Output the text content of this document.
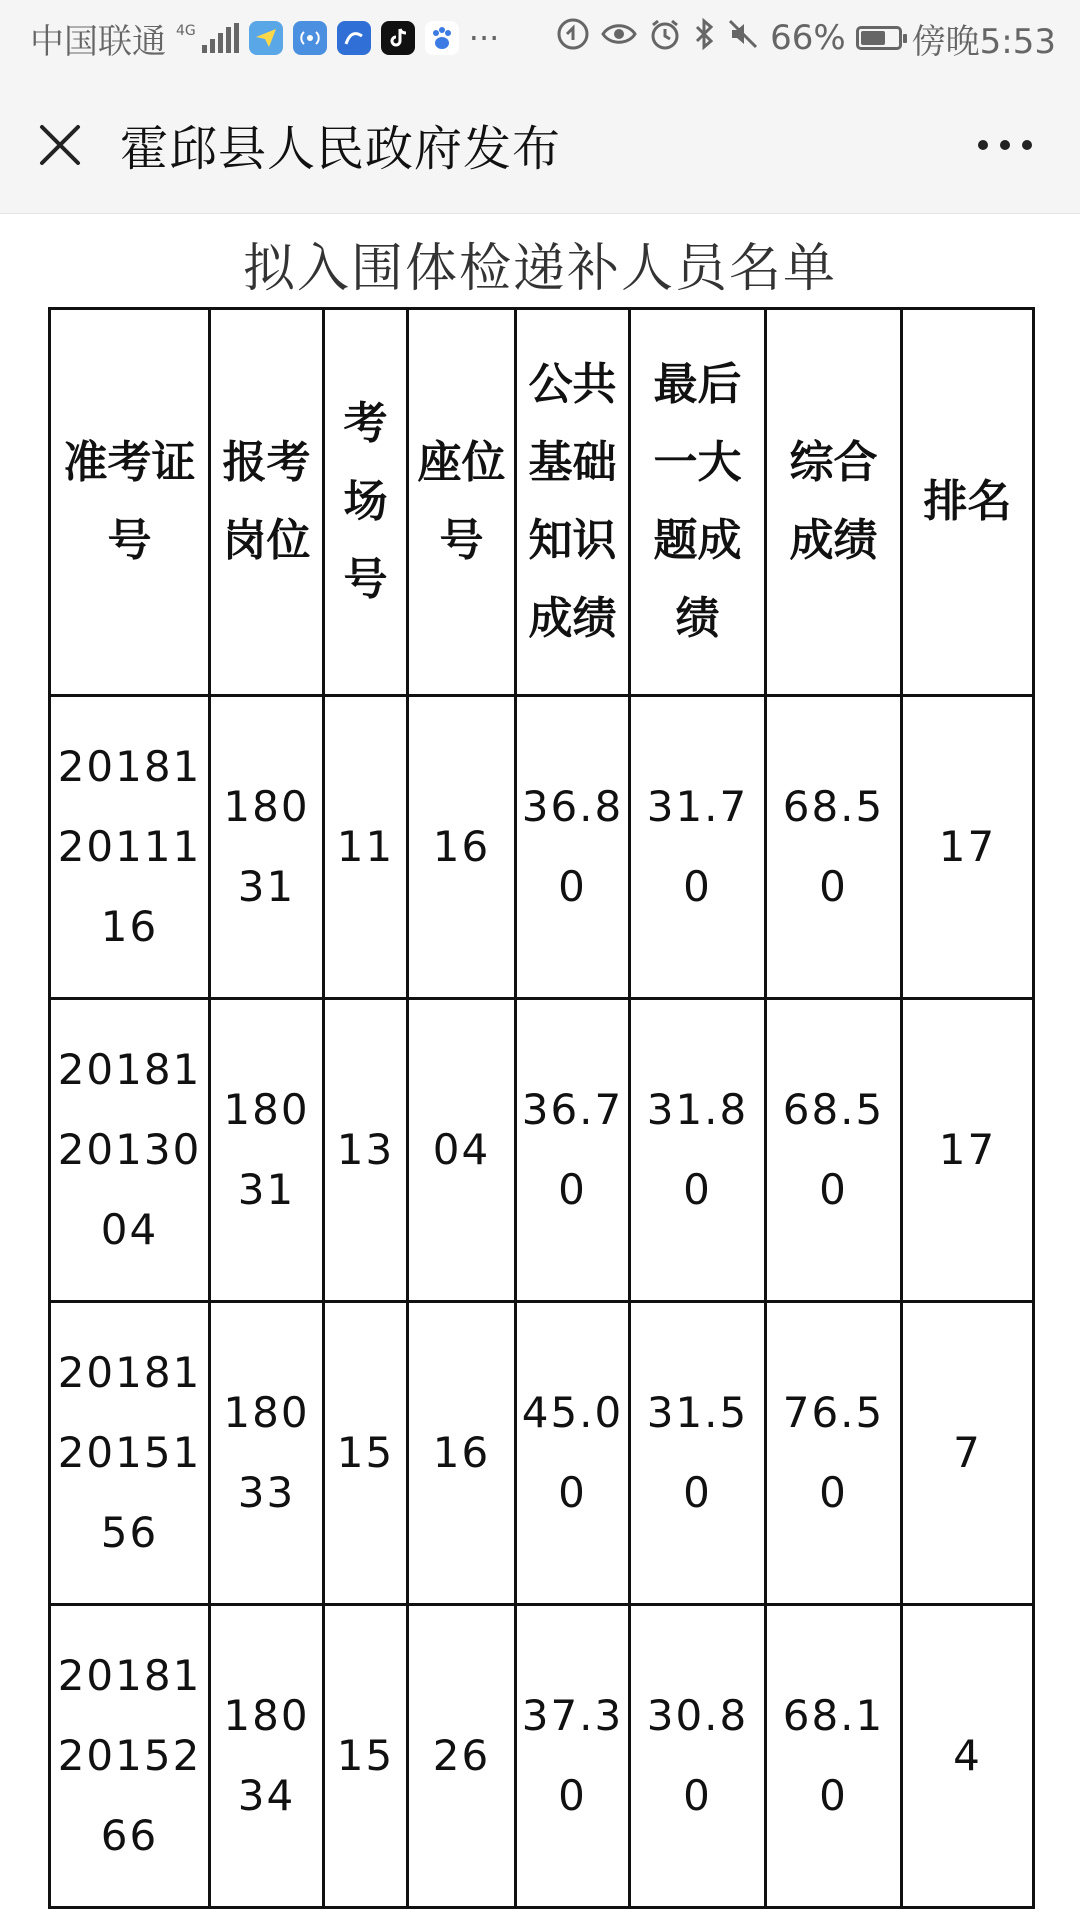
中国联通 4G	···	66% 傍晚5:53
霍邱县人民政府发布
拟入围体检递补人员名单
准考证号	报考岗位	考场号	座位号	公共基础知识成绩	最后一大题成绩	综合成绩	排名
201812011116	18031	11	16	36.80	31.70	68.50	17
201812013004	18031	13	04	36.70	31.80	68.50	17
201812015156	18033	15	16	45.00	31.50	76.50	7
201812015266	18034	15	26	37.30	30.80	68.10	4
